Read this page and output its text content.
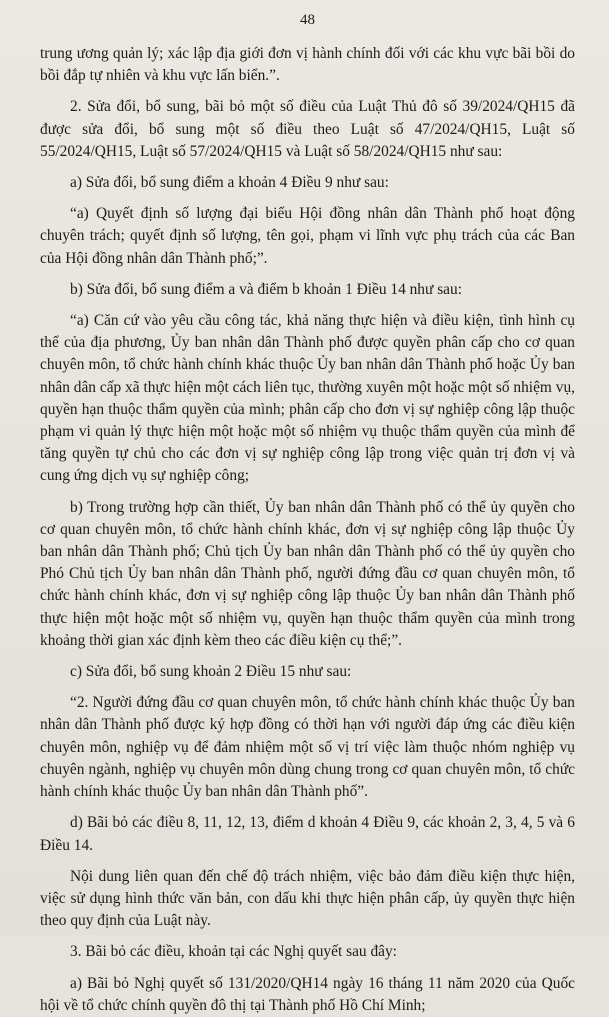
48

trung ương quản lý; xác lập địa giới đơn vị hành chính đối với các khu vực bãi bồi do bồi đắp tự nhiên và khu vực lấn biển.”.

2. Sửa đổi, bổ sung, bãi bỏ một số điều của Luật Thủ đô số 39/2024/QH15 đã được sửa đổi, bổ sung một số điều theo Luật số 47/2024/QH15, Luật số 55/2024/QH15, Luật số 57/2024/QH15 và Luật số 58/2024/QH15 như sau:

a) Sửa đổi, bổ sung điểm a khoản 4 Điều 9 như sau:

“a) Quyết định số lượng đại biểu Hội đồng nhân dân Thành phố hoạt động chuyên trách; quyết định số lượng, tên gọi, phạm vi lĩnh vực phụ trách của các Ban của Hội đồng nhân dân Thành phố;”.

b) Sửa đổi, bổ sung điểm a và điểm b khoản 1 Điều 14 như sau:

“a) Căn cứ vào yêu cầu công tác, khả năng thực hiện và điều kiện, tình hình cụ thể của địa phương, Ủy ban nhân dân Thành phố được quyền phân cấp cho cơ quan chuyên môn, tổ chức hành chính khác thuộc Ủy ban nhân dân Thành phố hoặc Ủy ban nhân dân cấp xã thực hiện một cách liên tục, thường xuyên một hoặc một số nhiệm vụ, quyền hạn thuộc thẩm quyền của mình; phân cấp cho đơn vị sự nghiệp công lập thuộc phạm vi quản lý thực hiện một hoặc một số nhiệm vụ thuộc thẩm quyền của mình để tăng quyền tự chủ cho các đơn vị sự nghiệp công lập trong việc quản trị đơn vị và cung ứng dịch vụ sự nghiệp công;

b) Trong trường hợp cần thiết, Ủy ban nhân dân Thành phố có thể ủy quyền cho cơ quan chuyên môn, tổ chức hành chính khác, đơn vị sự nghiệp công lập thuộc Ủy ban nhân dân Thành phố; Chủ tịch Ủy ban nhân dân Thành phố có thể ủy quyền cho Phó Chủ tịch Ủy ban nhân dân Thành phố, người đứng đầu cơ quan chuyên môn, tổ chức hành chính khác, đơn vị sự nghiệp công lập thuộc Ủy ban nhân dân Thành phố thực hiện một hoặc một số nhiệm vụ, quyền hạn thuộc thẩm quyền của mình trong khoảng thời gian xác định kèm theo các điều kiện cụ thể;”.

c) Sửa đổi, bổ sung khoản 2 Điều 15 như sau:

“2. Người đứng đầu cơ quan chuyên môn, tổ chức hành chính khác thuộc Ủy ban nhân dân Thành phố được ký hợp đồng có thời hạn với người đáp ứng các điều kiện chuyên môn, nghiệp vụ để đảm nhiệm một số vị trí việc làm thuộc nhóm nghiệp vụ chuyên ngành, nghiệp vụ chuyên môn dùng chung trong cơ quan chuyên môn, tổ chức hành chính khác thuộc Ủy ban nhân dân Thành phố”.

d) Bãi bỏ các điều 8, 11, 12, 13, điểm d khoản 4 Điều 9, các khoản 2, 3, 4, 5 và 6 Điều 14.

Nội dung liên quan đến chế độ trách nhiệm, việc bảo đảm điều kiện thực hiện, việc sử dụng hình thức văn bản, con dấu khi thực hiện phân cấp, ủy quyền thực hiện theo quy định của Luật này.

3. Bãi bỏ các điều, khoản tại các Nghị quyết sau đây:

a) Bãi bỏ Nghị quyết số 131/2020/QH14 ngày 16 tháng 11 năm 2020 của Quốc hội về tổ chức chính quyền đô thị tại Thành phố Hồ Chí Minh;
